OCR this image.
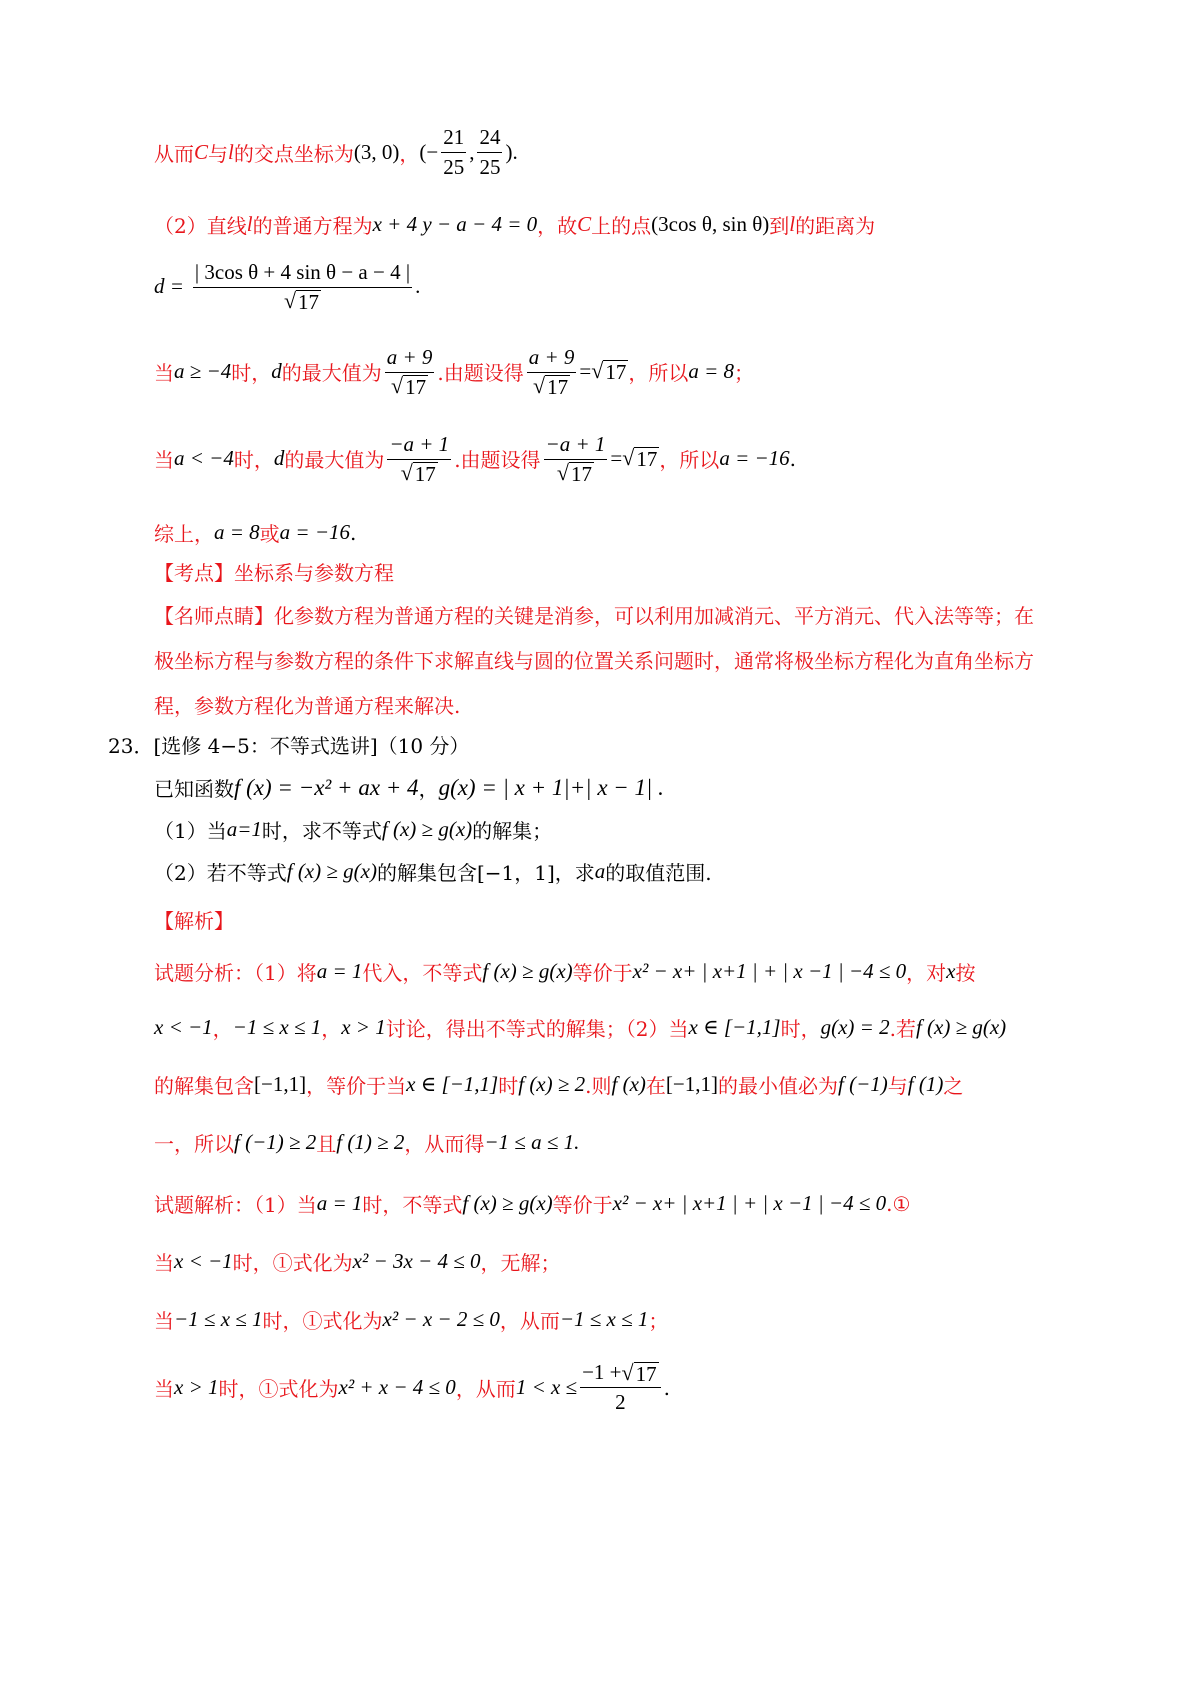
从而 C 与 l 的交点坐标为 (3, 0) ， (− $\frac{21}{25}$ , $\frac{24}{25}$ ).
（2）直线 l 的普通方程为 x + 4 y − a − 4 = 0 ，故 C 上的点 (3cos θ, sin θ) 到 l 的距离为
$d = \frac{\text{| 3cos θ + 4 sin θ − a − 4 |}}{√ 17}$ .
当 a ≥ −4 时， d 的最大值为 $\frac{a + 9}{√ 17}$ .由题设得 $\frac{a + 9}{√ 17}$ = √ 17 ，所以 a = 8 ；
当 a < −4 时， d 的最大值为 $\frac{-a + 1}{√ 17}$ .由题设得 $\frac{-a + 1}{√ 17}$ = √ 17 ，所以 a = −16 .
综上， a = 8 或 a = −16 .
【考点】坐标系与参数方程
【名师点睛】 化参数方程为普通方程的关键是消参，可以利用加减消元、平方消元、代入法等等；在
极坐标方程与参数方程的条件下求解直线与圆的位置关系问题时，通常将极坐标方程化为直角坐标方
程，参数方程化为普通方程来解决.
23． [选修 4−5：不等式选讲]（10 分）
已知函数 f (x) = −x² + ax + 4 ， g(x) = | x + 1|+| x − 1| .
（1）当 a=1 时，求不等式 f (x) ≥ g(x) 的解集；
（2）若不等式 f (x) ≥ g(x) 的解集包含[−1，1]，求 a 的取值范围.
【解析】
试题分析：（1）将 a = 1 代入，不等式 f (x) ≥ g(x) 等价于 x² − x+ | x+1 | + | x −1 | −4 ≤ 0 ，对 x 按
x < −1 ， −1 ≤ x ≤ 1 ， x > 1 讨论，得出不等式的解集；（2）当 x ∈ [−1,1] 时， g(x) = 2 .若 f (x) ≥ g(x)
的解集包含 [−1,1] ，等价于当 x ∈ [−1,1] 时 f (x) ≥ 2 .则 f (x) 在 [−1,1] 的最小值必为 f (−1) 与 f (1) 之
一，所以 f (−1) ≥ 2 且 f (1) ≥ 2 ，从而得 −1 ≤ a ≤ 1.
试题解析：（1）当 a = 1 时，不等式 f (x) ≥ g(x) 等价于 x² − x+ | x+1 | + | x −1 | −4 ≤ 0 .①
当 x < −1 时，①式化为 x² − 3x − 4 ≤ 0 ，无解；
当 −1 ≤ x ≤ 1 时，①式化为 x² − x − 2 ≤ 0 ，从而 −1 ≤ x ≤ 1 ；
当 x > 1 时，①式化为 x² + x − 4 ≤ 0 ，从而 $1 < x \le \frac{-1 + √ 17}{2}$ .
